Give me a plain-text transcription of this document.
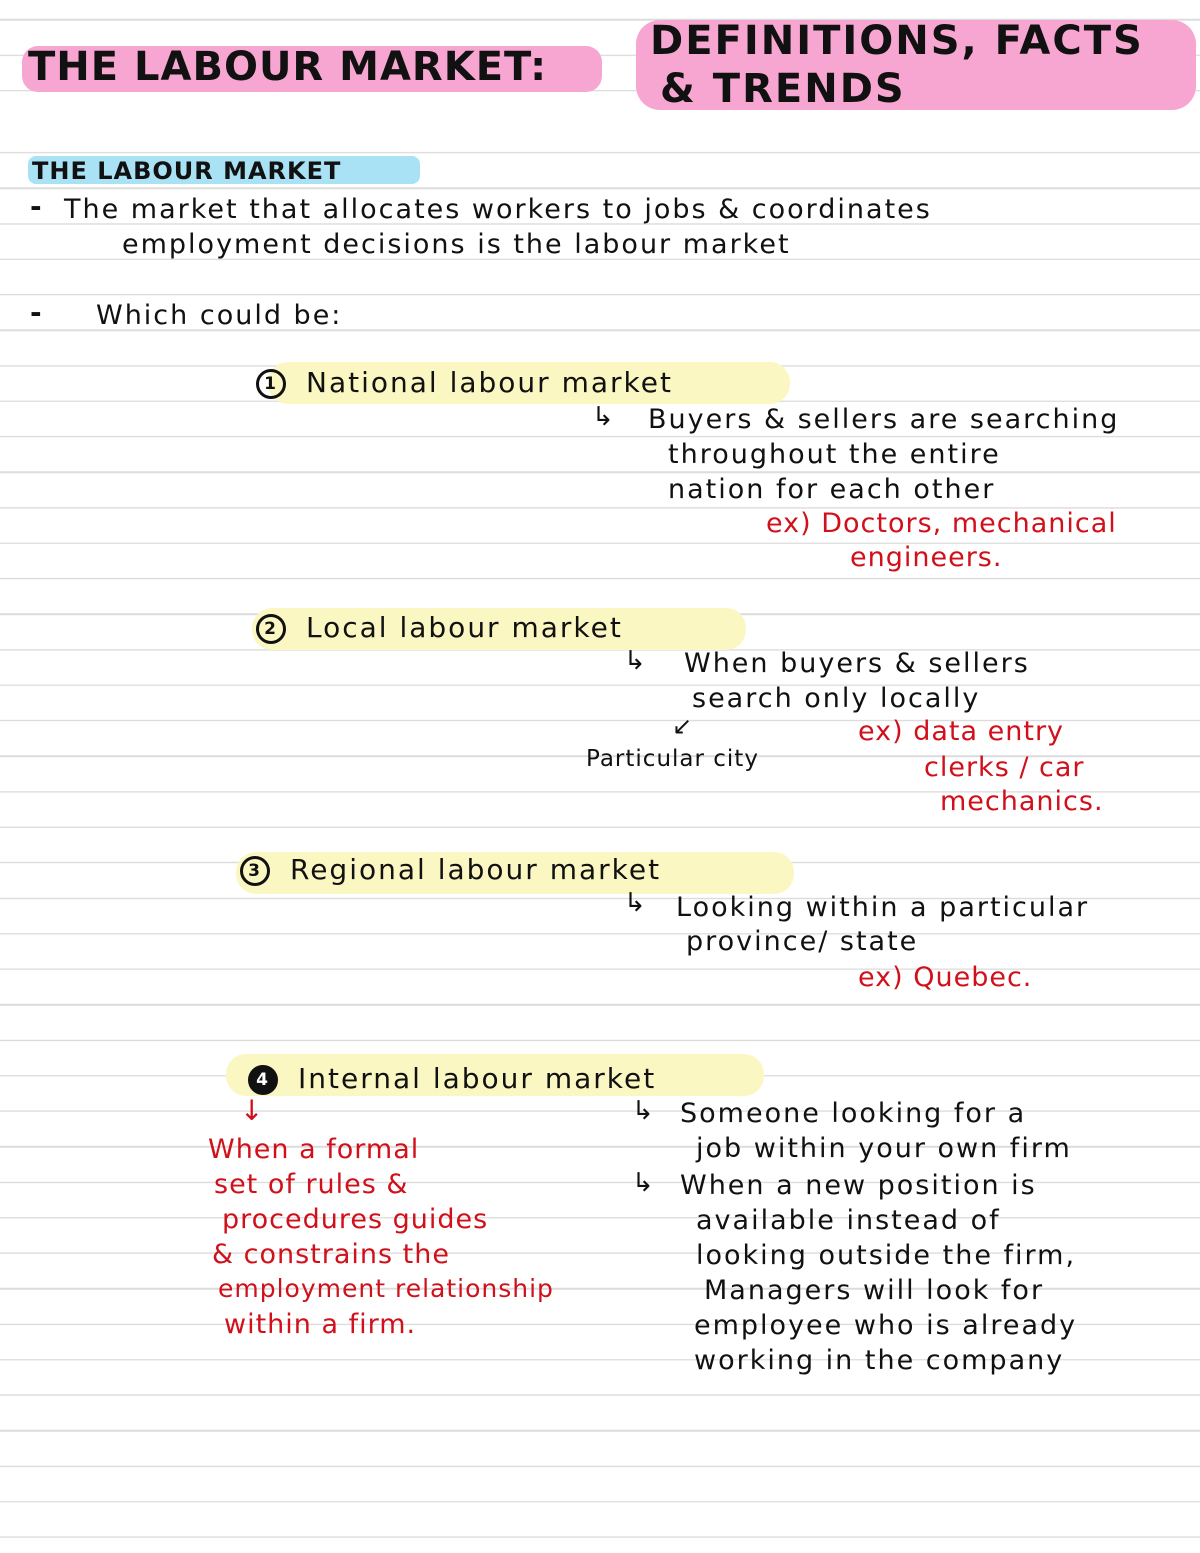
THE LABOUR MARKET:
DEFINITIONS, FACTS
& TRENDS
THE LABOUR MARKET
- The market that allocates workers to jobs & coordinates
employment decisions is the labour market
- Which could be:
1 National labour market
↳ Buyers & sellers are searching
throughout the entire
nation for each other
ex) Doctors, mechanical
engineers.
2 Local labour market
↳ When buyers & sellers
search only locally
↙
Particular city
ex) data entry
clerks / car
mechanics.
3 Regional labour market
↳ Looking within a particular
province/ state
ex) Quebec.
4 Internal labour market
↓
When a formal
set of rules &
procedures guides
& constrains the
employment relationship
within a firm.
↳ Someone looking for a
job within your own firm
↳ When a new position is
available instead of
looking outside the firm,
Managers will look for
employee who is already
working in the company
